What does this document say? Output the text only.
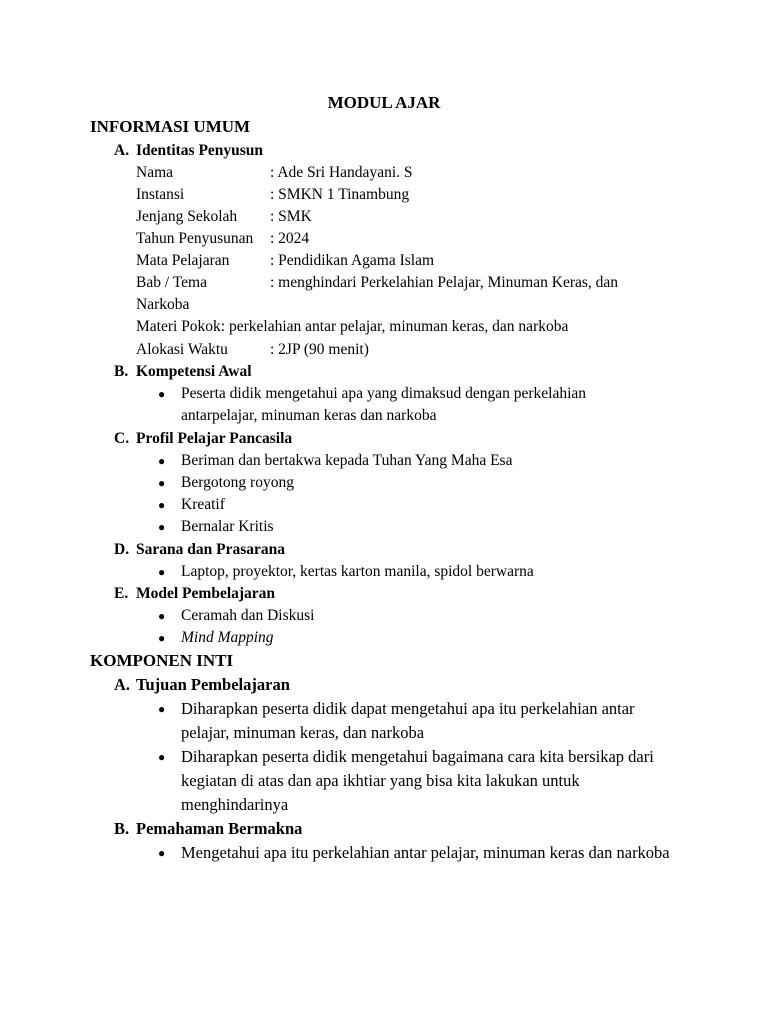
MODUL AJAR
INFORMASI UMUM
A. Identitas Penyusun
Nama	: Ade Sri Handayani. S
Instansi	: SMKN 1 Tinambung
Jenjang Sekolah : SMK
Tahun Penyusunan : 2024
Mata Pelajaran	: Pendidikan Agama Islam
Bab / Tema	: menghindari Perkelahian Pelajar, Minuman Keras, dan
Narkoba
Materi Pokok: perkelahian antar pelajar, minuman keras, dan narkoba
Alokasi Waktu	: 2JP (90 menit)
B. Kompetensi Awal
● Peserta didik mengetahui apa yang dimaksud dengan perkelahian antarpelajar, minuman keras dan narkoba
C. Profil Pelajar Pancasila
● Beriman dan bertakwa kepada Tuhan Yang Maha Esa
● Bergotong royong
● Kreatif
● Bernalar Kritis
D. Sarana dan Prasarana
● Laptop, proyektor, kertas karton manila, spidol berwarna
E. Model Pembelajaran
● Ceramah dan Diskusi
● Mind Mapping
KOMPONEN INTI
A. Tujuan Pembelajaran
● Diharapkan peserta didik dapat mengetahui apa itu perkelahian antar pelajar, minuman keras, dan narkoba
● Diharapkan peserta didik mengetahui bagaimana cara kita bersikap dari kegiatan di atas dan apa ikhtiar yang bisa kita lakukan untuk menghindarinya
B. Pemahaman Bermakna
● Mengetahui apa itu perkelahian antar pelajar, minuman keras dan narkoba
